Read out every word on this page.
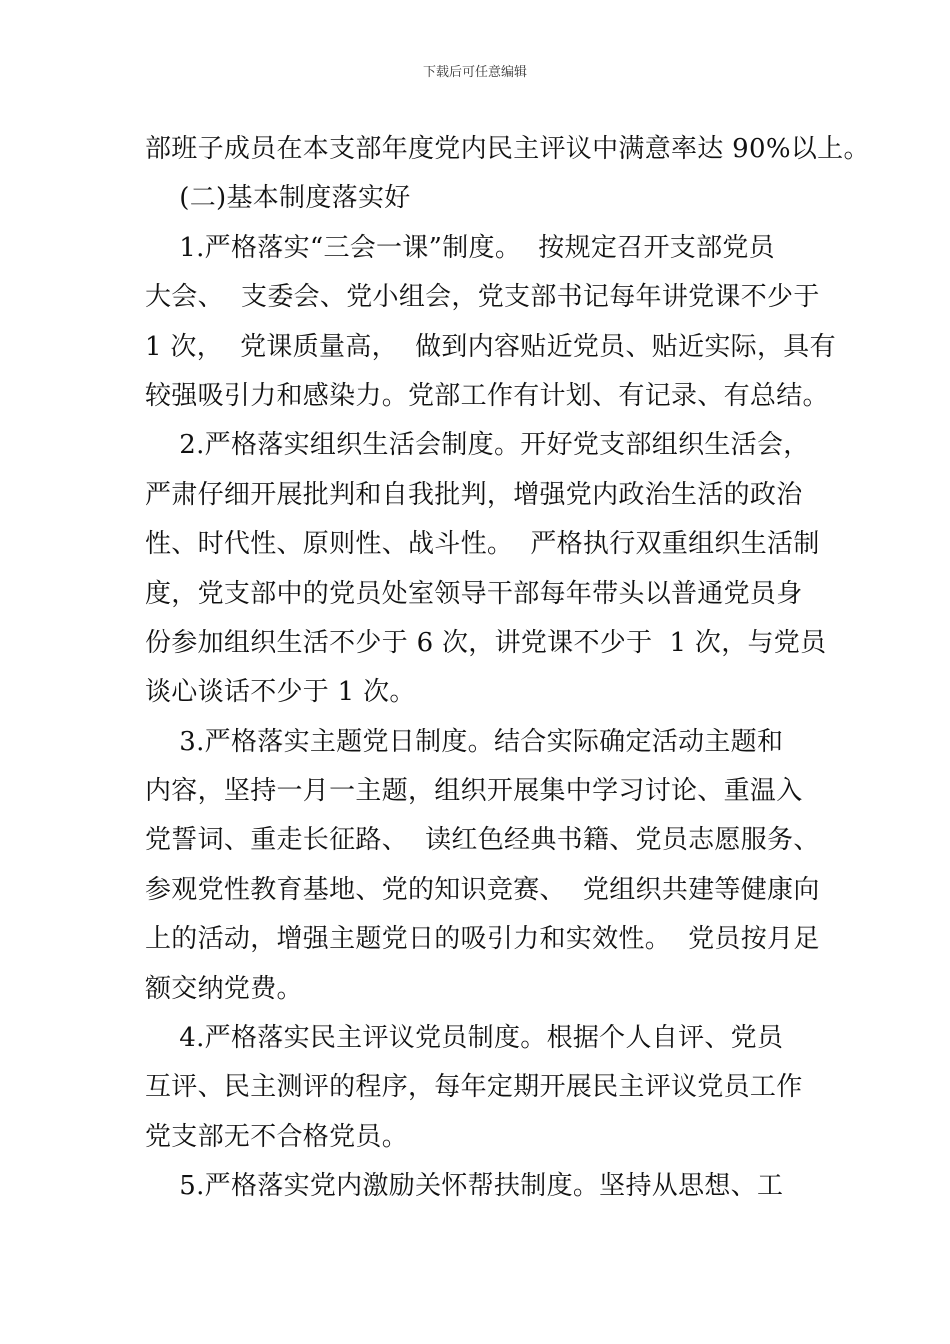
下载后可任意编辑
部班子成员在本支部年度党内民主评议中满意率达 90%以上。
(二)基本制度落实好
1.严格落实“三会一课”制度。  按规定召开支部党员
大会、  支委会、党小组会，党支部书记每年讲党课不少于
1 次，  党课质量高，  做到内容贴近党员、贴近实际，具有
较强吸引力和感染力。党部工作有计划、有记录、有总结。
2.严格落实组织生活会制度。开好党支部组织生活会，
严肃仔细开展批判和自我批判，增强党内政治生活的政治
性、时代性、原则性、战斗性。  严格执行双重组织生活制
度，党支部中的党员处室领导干部每年带头以普通党员身
份参加组织生活不少于 6 次，讲党课不少于  1 次，与党员
谈心谈话不少于 1 次。
3.严格落实主题党日制度。结合实际确定活动主题和
内容，坚持一月一主题，组织开展集中学习讨论、重温入
党誓词、重走长征路、  读红色经典书籍、党员志愿服务、
参观党性教育基地、党的知识竞赛、  党组织共建等健康向
上的活动，增强主题党日的吸引力和实效性。  党员按月足
额交纳党费。
4.严格落实民主评议党员制度。根据个人自评、党员
互评、民主测评的程序，每年定期开展民主评议党员工作
党支部无不合格党员。
5.严格落实党内激励关怀帮扶制度。坚持从思想、工
